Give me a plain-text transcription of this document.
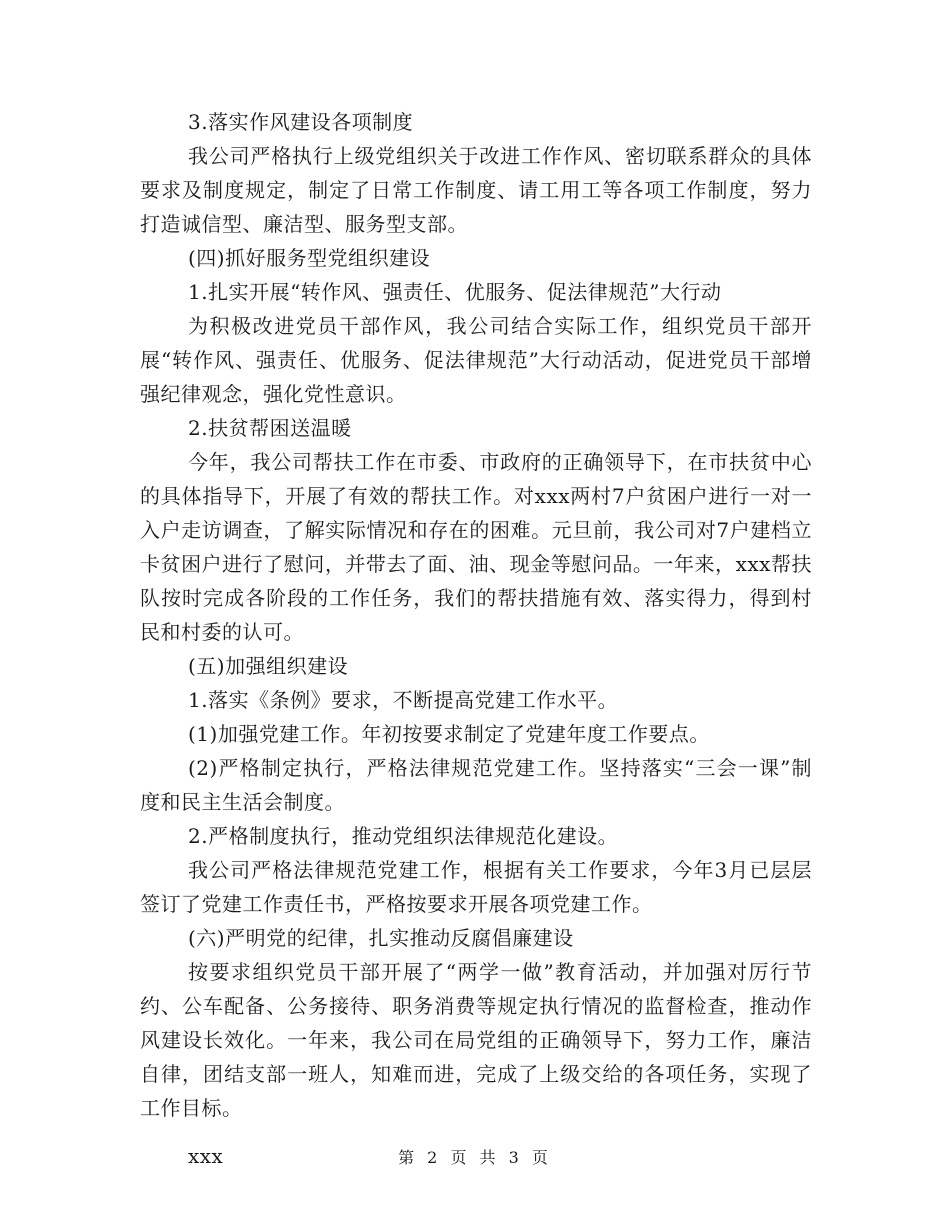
3.落实作风建设各项制度

我公司严格执行上级党组织关于改进工作作风、密切联系群众的具体要求及制度规定，制定了日常工作制度、请工用工等各项工作制度，努力打造诚信型、廉洁型、服务型支部。

(四)抓好服务型党组织建设

1.扎实开展“转作风、强责任、优服务、促法律规范”大行动

为积极改进党员干部作风，我公司结合实际工作，组织党员干部开展“转作风、强责任、优服务、促法律规范”大行动活动，促进党员干部增强纪律观念，强化党性意识。

2.扶贫帮困送温暖

今年，我公司帮扶工作在市委、市政府的正确领导下，在市扶贫中心的具体指导下，开展了有效的帮扶工作。对xxx两村7户贫困户进行一对一入户走访调查，了解实际情况和存在的困难。元旦前，我公司对7户建档立卡贫困户进行了慰问，并带去了面、油、现金等慰问品。一年来，xxx帮扶队按时完成各阶段的工作任务，我们的帮扶措施有效、落实得力，得到村民和村委的认可。

(五)加强组织建设

1.落实《条例》要求，不断提高党建工作水平。

(1)加强党建工作。年初按要求制定了党建年度工作要点。

(2)严格制定执行，严格法律规范党建工作。坚持落实“三会一课”制度和民主生活会制度。

2.严格制度执行，推动党组织法律规范化建设。

我公司严格法律规范党建工作，根据有关工作要求，今年3月已层层签订了党建工作责任书，严格按要求开展各项党建工作。

(六)严明党的纪律，扎实推动反腐倡廉建设

按要求组织党员干部开展了“两学一做”教育活动，并加强对厉行节约、公车配备、公务接待、职务消费等规定执行情况的监督检查，推动作风建设长效化。一年来，我公司在局党组的正确领导下，努力工作，廉洁自律，团结支部一班人，知难而进，完成了上级交给的各项任务，实现了工作目标。

xxx	第 2 页 共 3 页
